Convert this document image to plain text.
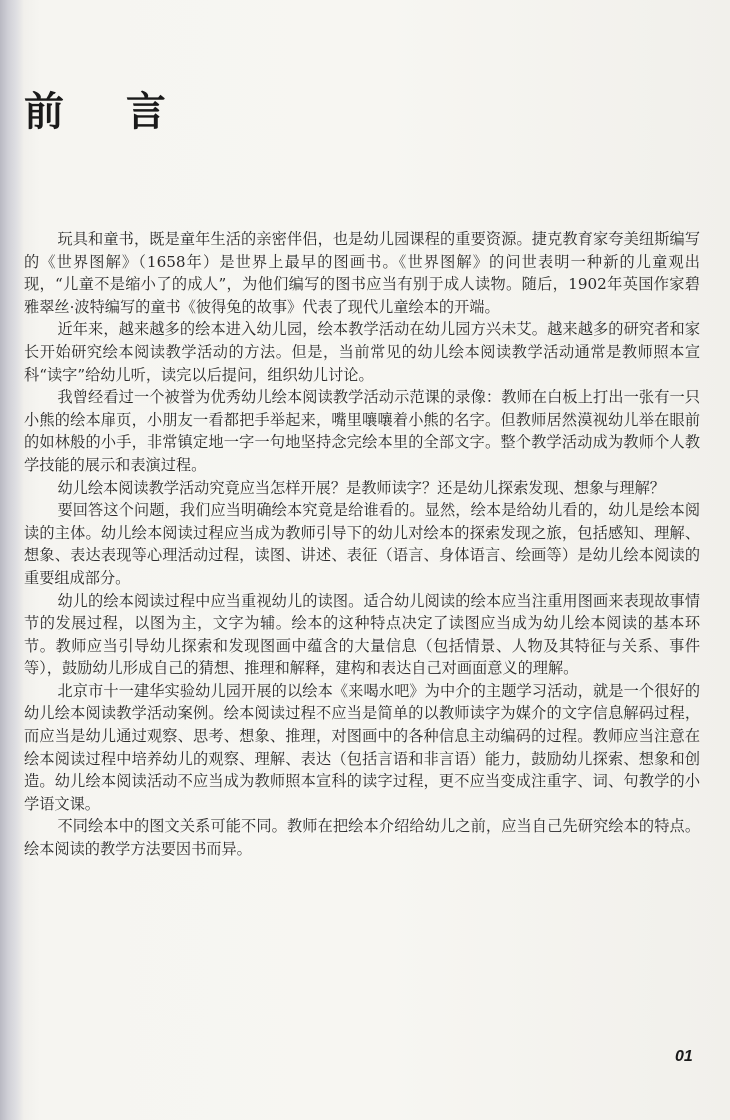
前 言

玩具和童书，既是童年生活的亲密伴侣，也是幼儿园课程的重要资源。捷克教育家夸美纽斯编写的《世界图解》（1658年）是世界上最早的图画书。《世界图解》的问世表明一种新的儿童观出现，“儿童不是缩小了的成人”，为他们编写的图书应当有别于成人读物。随后，1902年英国作家碧雅翠丝·波特编写的童书《彼得兔的故事》代表了现代儿童绘本的开端。

近年来，越来越多的绘本进入幼儿园，绘本教学活动在幼儿园方兴未艾。越来越多的研究者和家长开始研究绘本阅读教学活动的方法。但是，当前常见的幼儿绘本阅读教学活动通常是教师照本宣科“读字”给幼儿听，读完以后提问，组织幼儿讨论。

我曾经看过一个被誉为优秀幼儿绘本阅读教学活动示范课的录像：教师在白板上打出一张有一只小熊的绘本扉页，小朋友一看都把手举起来，嘴里嚷嚷着小熊的名字。但教师居然漠视幼儿举在眼前的如林般的小手，非常镇定地一字一句地坚持念完绘本里的全部文字。整个教学活动成为教师个人教学技能的展示和表演过程。

幼儿绘本阅读教学活动究竟应当怎样开展？是教师读字？还是幼儿探索发现、想象与理解？

要回答这个问题，我们应当明确绘本究竟是给谁看的。显然，绘本是给幼儿看的，幼儿是绘本阅读的主体。幼儿绘本阅读过程应当成为教师引导下的幼儿对绘本的探索发现之旅，包括感知、理解、想象、表达表现等心理活动过程，读图、讲述、表征（语言、身体语言、绘画等）是幼儿绘本阅读的重要组成部分。

幼儿的绘本阅读过程中应当重视幼儿的读图。适合幼儿阅读的绘本应当注重用图画来表现故事情节的发展过程，以图为主，文字为辅。绘本的这种特点决定了读图应当成为幼儿绘本阅读的基本环节。教师应当引导幼儿探索和发现图画中蕴含的大量信息（包括情景、人物及其特征与关系、事件等），鼓励幼儿形成自己的猜想、推理和解释，建构和表达自己对画面意义的理解。

北京市十一建华实验幼儿园开展的以绘本《来喝水吧》为中介的主题学习活动，就是一个很好的幼儿绘本阅读教学活动案例。绘本阅读过程不应当是简单的以教师读字为媒介的文字信息解码过程，而应当是幼儿通过观察、思考、想象、推理，对图画中的各种信息主动编码的过程。教师应当注意在绘本阅读过程中培养幼儿的观察、理解、表达（包括言语和非言语）能力，鼓励幼儿探索、想象和创造。幼儿绘本阅读活动不应当成为教师照本宣科的读字过程，更不应当变成注重字、词、句教学的小学语文课。

不同绘本中的图文关系可能不同。教师在把绘本介绍给幼儿之前，应当自己先研究绘本的特点。绘本阅读的教学方法要因书而异。

01
